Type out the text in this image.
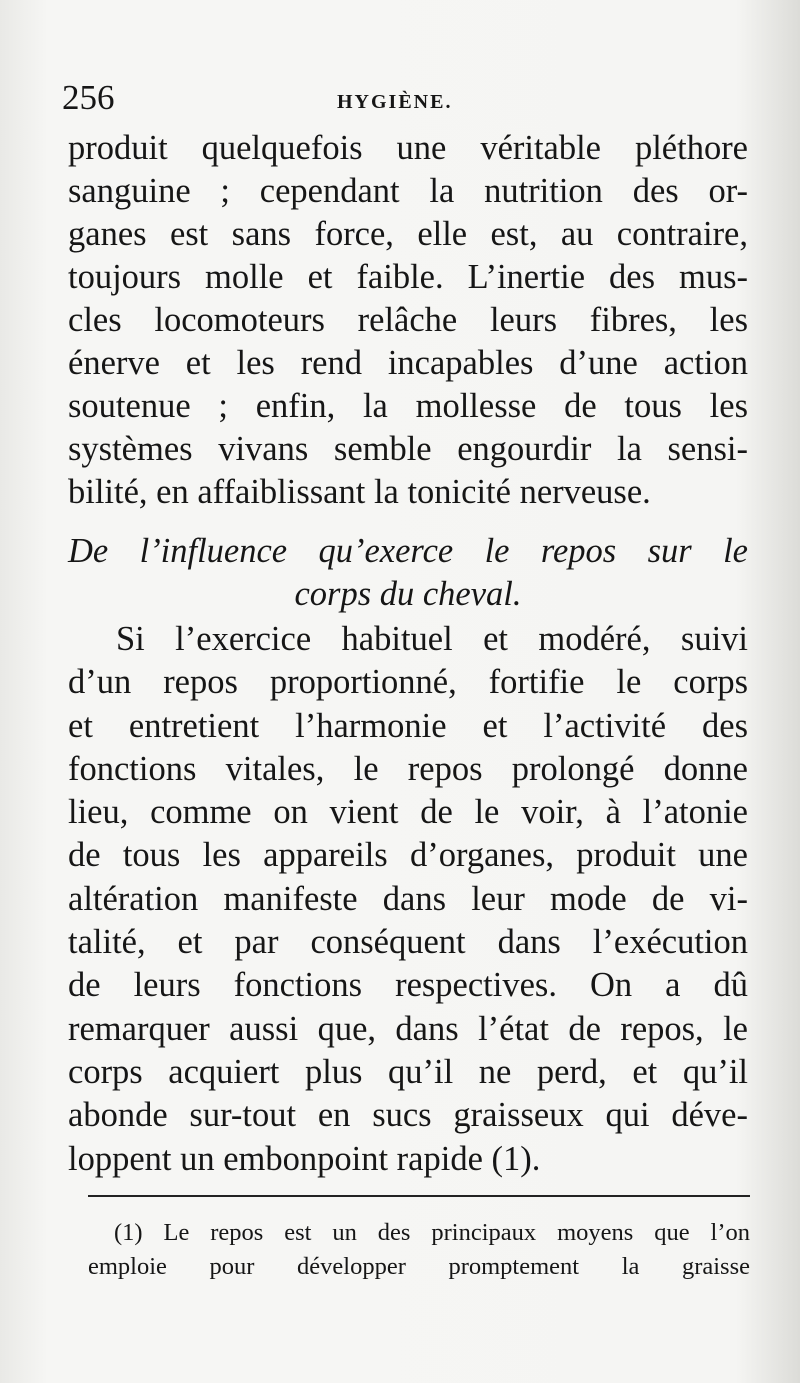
256	HYGIÈNE.
produit quelquefois une véritable pléthore
sanguine ; cependant la nutrition des or-
ganes est sans force, elle est, au contraire,
toujours molle et faible. L’inertie des mus-
cles locomoteurs relâche leurs fibres, les
énerve et les rend incapables d’une action
soutenue ; enfin, la mollesse de tous les
systèmes vivans semble engourdir la sensi-
bilité, en affaiblissant la tonicité nerveuse.
De l’influence qu’exerce le repos sur le
corps du cheval.
Si l’exercice habituel et modéré, suivi
d’un repos proportionné, fortifie le corps
et entretient l’harmonie et l’activité des
fonctions vitales, le repos prolongé donne
lieu, comme on vient de le voir, à l’atonie
de tous les appareils d’organes, produit une
altération manifeste dans leur mode de vi-
talité, et par conséquent dans l’exécution
de leurs fonctions respectives. On a dû
remarquer aussi que, dans l’état de repos, le
corps acquiert plus qu’il ne perd, et qu’il
abonde sur-tout en sucs graisseux qui déve-
loppent un embonpoint rapide (1).
(1) Le repos est un des principaux moyens que l’on
emploie pour développer promptement la graisse
